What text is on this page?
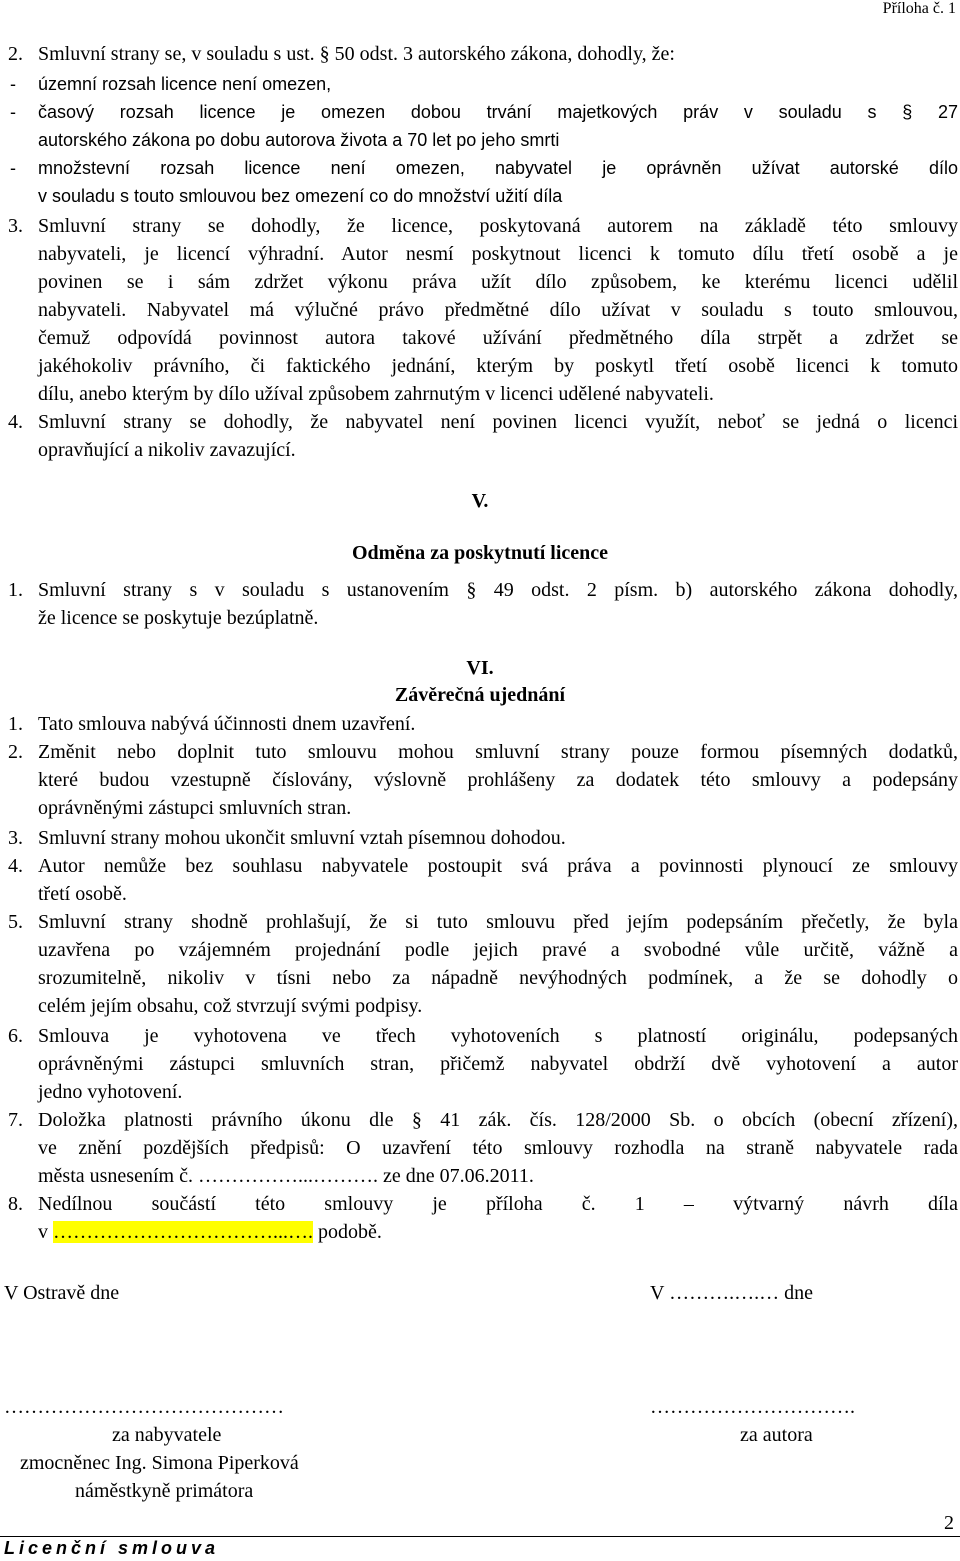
Příloha č. 1
2. Smluvní strany se, v souladu s ust. § 50 odst. 3 autorského zákona, dohodly, že:
- územní rozsah licence není omezen,
- časový rozsah licence je omezen dobou trvání majetkových práv v souladu s § 27
autorského zákona po dobu autorova života a 70 let po jeho smrti
- množstevní rozsah licence není omezen, nabyvatel je oprávněn užívat autorské dílo
v souladu s touto smlouvou bez omezení co do množství užití díla
3. Smluvní strany se dohodly, že licence, poskytovaná autorem na základě této smlouvy
nabyvateli, je licencí výhradní. Autor nesmí poskytnout licenci k tomuto dílu třetí osobě a je
povinen se i sám zdržet výkonu práva užít dílo způsobem, ke kterému licenci udělil
nabyvateli. Nabyvatel má výlučné právo předmětné dílo užívat v souladu s touto smlouvou,
čemuž odpovídá povinnost autora takové užívání předmětného díla strpět a zdržet se
jakéhokoliv právního, či faktického jednání, kterým by poskytl třetí osobě licenci k tomuto
dílu, anebo kterým by dílo užíval způsobem zahrnutým v licenci udělené nabyvateli.
4. Smluvní strany se dohodly, že nabyvatel není povinen licenci využít, neboť se jedná o licenci
opravňující a nikoliv zavazující.
V.
Odměna za poskytnutí licence
1. Smluvní strany s v souladu s ustanovením § 49 odst. 2 písm. b) autorského zákona dohodly,
že licence se poskytuje bezúplatně.
VI.
Závěrečná ujednání
1. Tato smlouva nabývá účinnosti dnem uzavření.
2. Změnit nebo doplnit tuto smlouvu mohou smluvní strany pouze formou písemných dodatků,
které budou vzestupně číslovány, výslovně prohlášeny za dodatek této smlouvy a podepsány
oprávněnými zástupci smluvních stran.
3. Smluvní strany mohou ukončit smluvní vztah písemnou dohodou.
4. Autor nemůže bez souhlasu nabyvatele postoupit svá práva a povinnosti plynoucí ze smlouvy
třetí osobě.
5. Smluvní strany shodně prohlašují, že si tuto smlouvu před jejím podepsáním přečetly, že byla
uzavřena po vzájemném projednání podle jejich pravé a svobodné vůle určitě, vážně a
srozumitelně, nikoliv v tísni nebo za nápadně nevýhodných podmínek, a že se dohodly o
celém jejím obsahu, což stvrzují svými podpisy.
6. Smlouva je vyhotovena ve třech vyhotoveních s platností originálu, podepsaných
oprávněnými zástupci smluvních stran, přičemž nabyvatel obdrží dvě vyhotovení a autor
jedno vyhotovení.
7. Doložka platnosti právního úkonu dle § 41 zák. čís. 128/2000 Sb. o obcích (obecní zřízení),
ve znění pozdějších předpisů: O uzavření této smlouvy rozhodla na straně nabyvatele rada
města usnesením č. ……………...………. ze dne 07.06.2011.
8. Nedílnou součástí této smlouvy je příloha č. 1 – výtvarný návrh díla
v ……………………………...…. podobě.
V Ostravě dne	V ……….….… dne
……………………………………	………………………….
za nabyvatele	za autora
zmocněnec Ing. Simona Piperková
náměstkyně primátora
2
Licenční smlouva
